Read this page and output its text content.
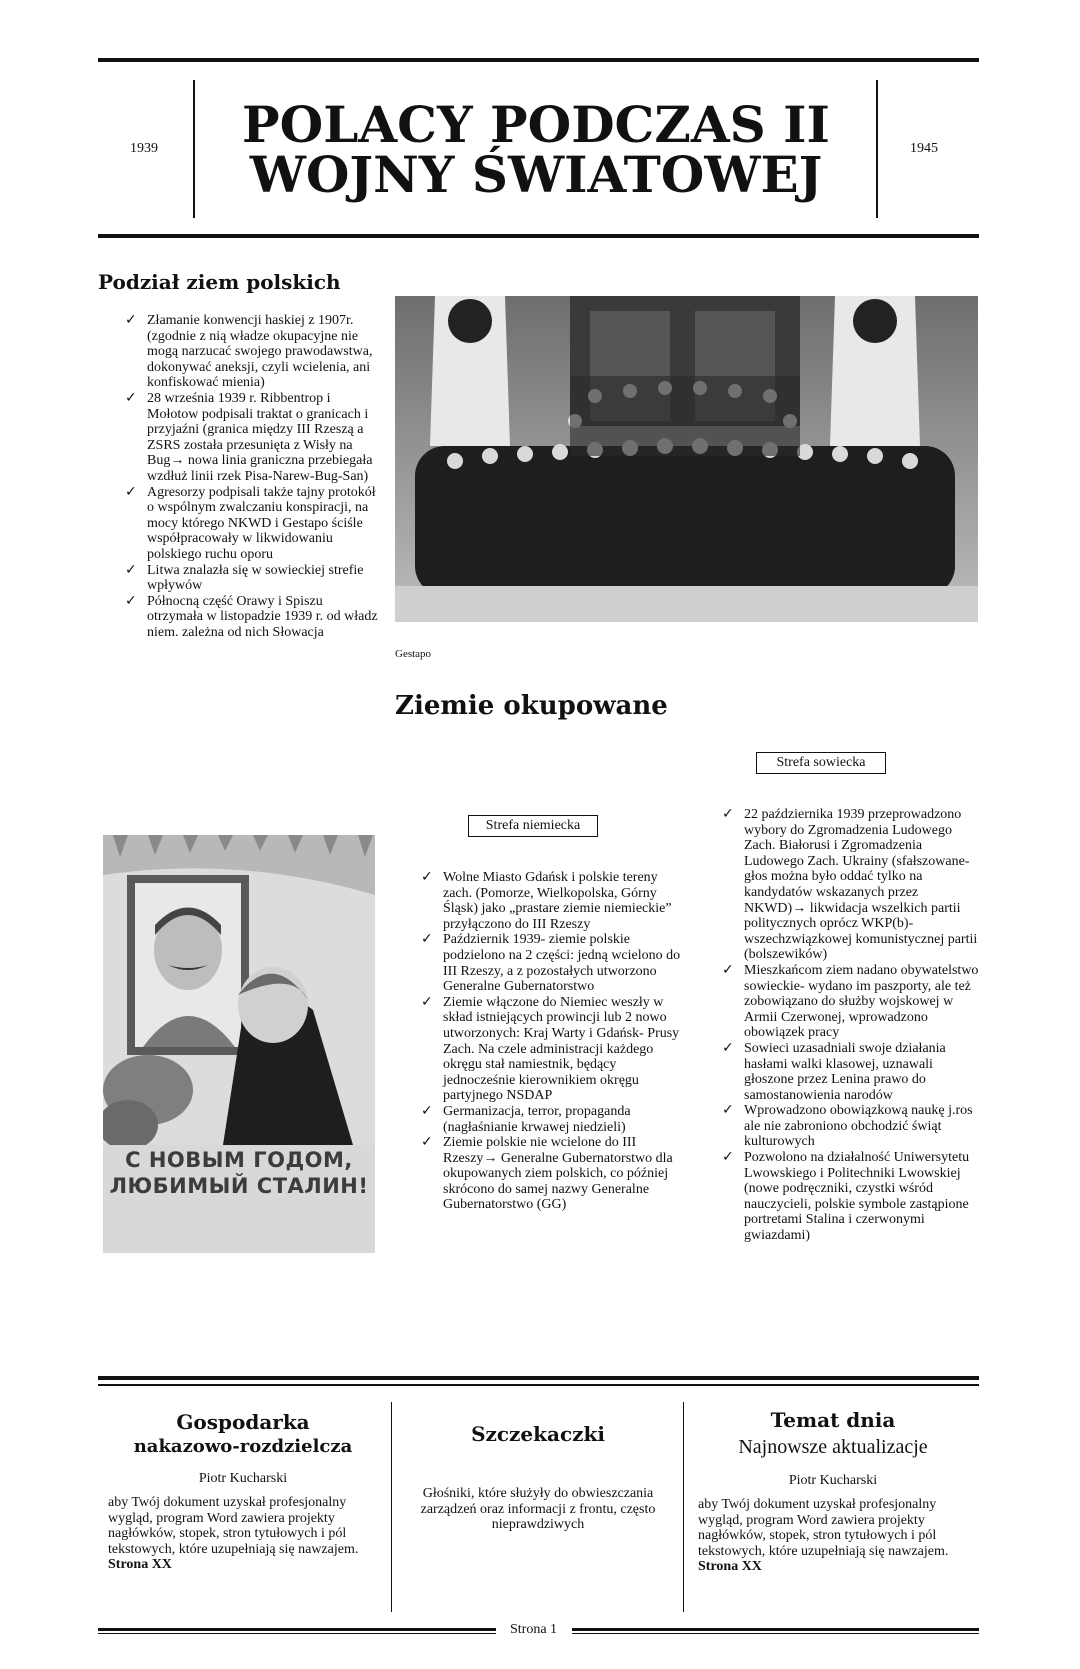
1939	POLACY PODCZAS II
WOJNY ŚWIATOWEJ	1945
Podział ziem polskich
✓ Złamanie konwencji haskiej z 1907r. (zgodnie z nią władze okupacyjne nie mogą narzucać swojego prawodawstwa, dokonywać aneksji, czyli wcielenia, ani konfiskować mienia)
✓ 28 września 1939 r. Ribbentrop i Mołotow podpisali traktat o granicach i przyjaźni (granica między III Rzeszą a ZSRS została przesunięta z Wisły na Bug→ nowa linia graniczna przebiegała wzdłuż linii rzek Pisa-Narew-Bug-San)
✓ Agresorzy podpisali także tajny protokół o wspólnym zwalczaniu konspiracji, na mocy którego NKWD i Gestapo ściśle współpracowały w likwidowaniu polskiego ruchu oporu
✓ Litwa znalazła się w sowieckiej strefie wpływów
✓ Północną część Orawy i Spiszu otrzymała w listopadzie 1939 r. od władz niem. zależna od nich Słowacja
Gestapo
Ziemie okupowane
Strefa sowiecka
Strefa niemiecka
✓ Wolne Miasto Gdańsk i polskie tereny zach. (Pomorze, Wielkopolska, Górny Śląsk) jako „prastare ziemie niemieckie” przyłączono do III Rzeszy
✓ Październik 1939- ziemie polskie podzielono na 2 części: jedną wcielono do III Rzeszy, a z pozostałych utworzono Generalne Gubernatorstwo
✓ Ziemie włączone do Niemiec weszły w skład istniejących prowincji lub 2 nowo utworzonych: Kraj Warty i Gdańsk- Prusy Zach. Na czele administracji każdego okręgu stał namiestnik, będący jednocześnie kierownikiem okręgu partyjnego NSDAP
✓ Germanizacja, terror, propaganda (nagłaśnianie krwawej niedzieli)
✓ Ziemie polskie nie wcielone do III Rzeszy→ Generalne Gubernatorstwo dla okupowanych ziem polskich, co później skrócono do samej nazwy Generalne Gubernatorstwo (GG)
✓ 22 października 1939 przeprowadzono wybory do Zgromadzenia Ludowego Zach. Białorusi i Zgromadzenia Ludowego Zach. Ukrainy (sfałszowane- głos można było oddać tylko na kandydatów wskazanych przez NKWD)→ likwidacja wszelkich partii politycznych oprócz WKP(b)- wszechzwiązkowej komunistycznej partii (bolszewików)
✓ Mieszkańcom ziem nadano obywatelstwo sowieckie- wydano im paszporty, ale też zobowiązano do służby wojskowej w Armii Czerwonej, wprowadzono obowiązek pracy
✓ Sowieci uzasadniali swoje działania hasłami walki klasowej, uznawali głoszone przez Lenina prawo do samostanowienia narodów
✓ Wprowadzono obowiązkową naukę j.ros ale nie zabroniono obchodzić świąt kulturowych
✓ Pozwolono na działalność Uniwersytetu Lwowskiego i Politechniki Lwowskiej (nowe podręczniki, czystki wśród nauczycieli, polskie symbole zastąpione portretami Stalina i czerwonymi gwiazdami)
С НОВЫМ ГОДОМ,
ЛЮБИМЫЙ СТАЛИН!
Gospodarka
nakazowo-rozdzielcza
Piotr Kucharski
aby Twój dokument uzyskał profesjonalny wygląd, program Word zawiera projekty nagłówków, stopek, stron tytułowych i pól tekstowych, które uzupełniają się nawzajem.
Strona XX
Szczekaczki
Głośniki, które służyły do obwieszczania zarządzeń oraz informacji z frontu, często nieprawdziwych
Temat dnia
Najnowsze aktualizacje
Piotr Kucharski
aby Twój dokument uzyskał profesjonalny wygląd, program Word zawiera projekty nagłówków, stopek, stron tytułowych i pól tekstowych, które uzupełniają się nawzajem.
Strona XX
Strona 1
